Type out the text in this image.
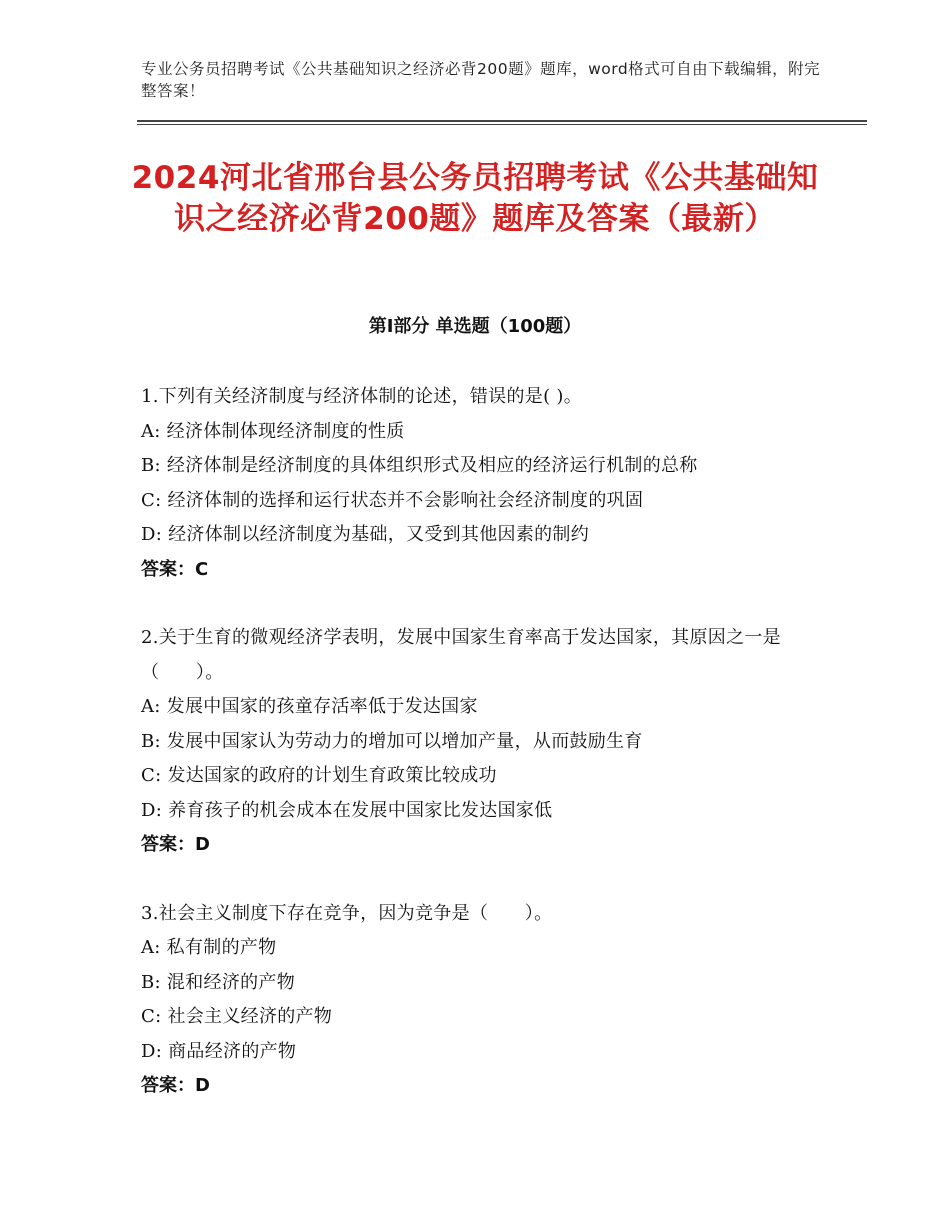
专业公务员招聘考试《公共基础知识之经济必背200题》题库，word格式可自由下载编辑，附完整答案！
2024河北省邢台县公务员招聘考试《公共基础知识之经济必背200题》题库及答案（最新）
第Ⅰ部分 单选题（100题）
1.下列有关经济制度与经济体制的论述，错误的是( )。
A: 经济体制体现经济制度的性质
B: 经济体制是经济制度的具体组织形式及相应的经济运行机制的总称
C: 经济体制的选择和运行状态并不会影响社会经济制度的巩固
D: 经济体制以经济制度为基础，又受到其他因素的制约
答案：C
2.关于生育的微观经济学表明，发展中国家生育率高于发达国家，其原因之一是（　　）。
A: 发展中国家的孩童存活率低于发达国家
B: 发展中国家认为劳动力的增加可以增加产量，从而鼓励生育
C: 发达国家的政府的计划生育政策比较成功
D: 养育孩子的机会成本在发展中国家比发达国家低
答案：D
3.社会主义制度下存在竞争，因为竞争是（　　）。
A: 私有制的产物
B: 混和经济的产物
C: 社会主义经济的产物
D: 商品经济的产物
答案：D
